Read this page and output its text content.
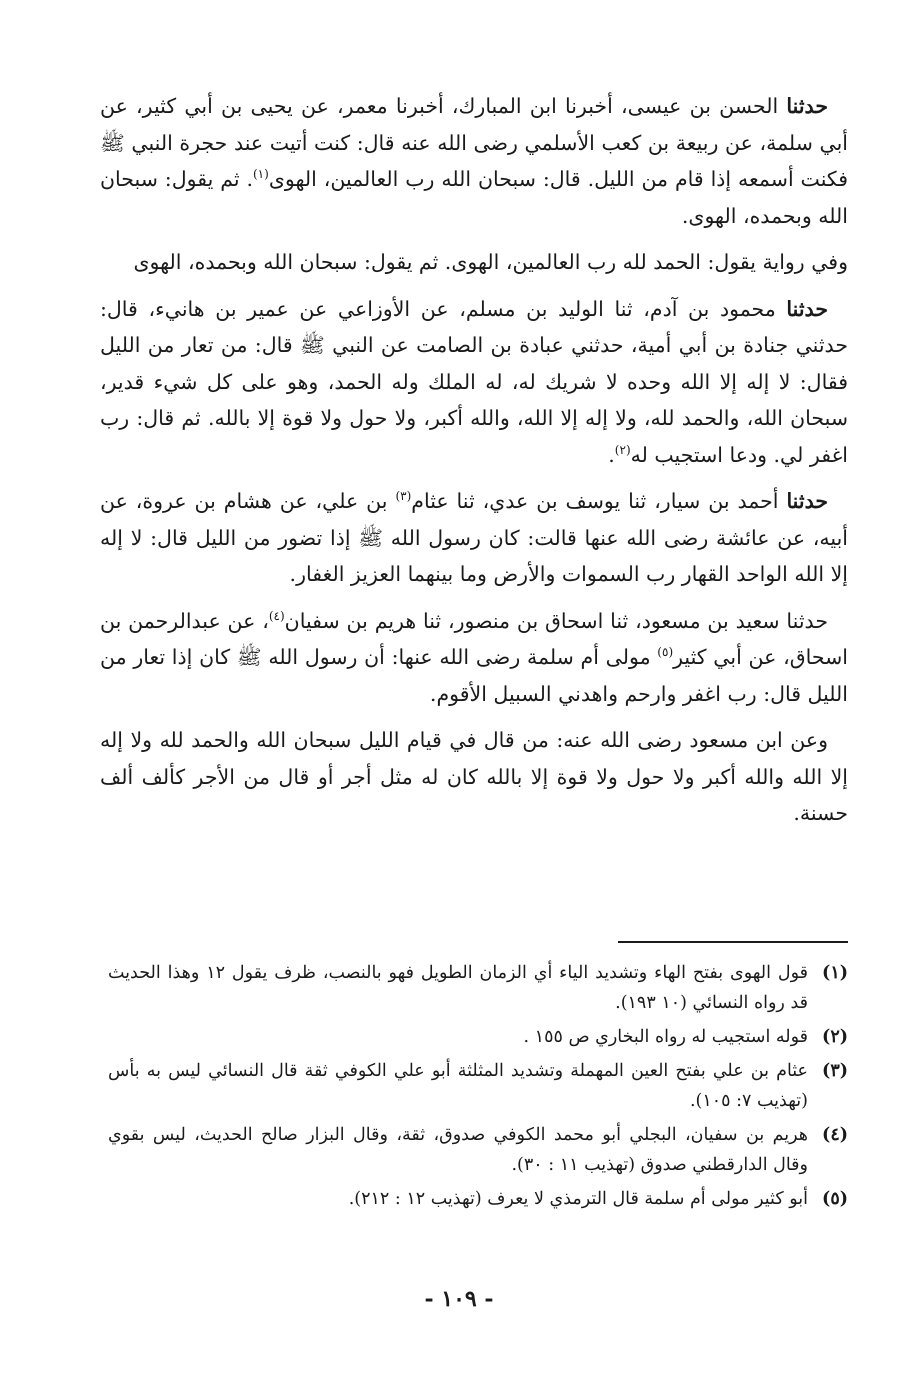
حدثنا الحسن بن عيسى، أخبرنا ابن المبارك، أخبرنا معمر، عن يحيى بن أبي كثير، عن أبي سلمة، عن ربيعة بن كعب الأسلمي رضى الله عنه قال: كنت أتيت عند حجرة النبي ﷺ فكنت أسمعه إذا قام من الليل. قال: سبحان الله رب العالمين، الهوى$^{(١)}$. ثم يقول: سبحان الله وبحمده، الهوى.

وفي رواية يقول: الحمد لله رب العالمين، الهوى. ثم يقول: سبحان الله وبحمده، الهوى

حدثنا محمود بن آدم، ثنا الوليد بن مسلم، عن الأوزاعي عن عمير بن هانيء، قال: حدثني جنادة بن أبي أمية، حدثني عبادة بن الصامت عن النبي ﷺ قال: من تعار من الليل فقال: لا إله إلا الله وحده لا شريك له، له الملك وله الحمد، وهو على كل شيء قدير، سبحان الله، والحمد لله، ولا إله إلا الله، والله أكبر، ولا حول ولا قوة إلا بالله. ثم قال: رب اغفر لي. ودعا استجيب له$^{(٢)}$.

حدثنا أحمد بن سيار، ثنا يوسف بن عدي، ثنا عثام$^{(٣)}$ بن علي، عن هشام بن عروة، عن أبيه، عن عائشة رضى الله عنها قالت: كان رسول الله ﷺ إذا تضور من الليل قال: لا إله إلا الله الواحد القهار رب السموات والأرض وما بينهما العزيز الغفار.

حدثنا سعيد بن مسعود، ثنا اسحاق بن منصور، ثنا هريم بن سفيان$^{(٤)}$، عن عبدالرحمن بن اسحاق، عن أبي كثير$^{(٥)}$ مولى أم سلمة رضى الله عنها: أن رسول الله ﷺ كان إذا تعار من الليل قال: رب اغفر وارحم واهدني السبيل الأقوم.

وعن ابن مسعود رضى الله عنه: من قال في قيام الليل سبحان الله والحمد لله ولا إله إلا الله والله أكبر ولا حول ولا قوة إلا بالله كان له مثل أجر أو قال من الأجر كألف ألف حسنة.

(١)
قول الهوى بفتح الهاء وتشديد الياء أي الزمان الطويل فهو بالنصب، ظرف يقول ١٢ وهذا الحديث قد رواه النسائي (١٠ ١٩٣).
(٢)
قوله استجيب له رواه البخاري ص ١٥٥ .
(٣)
عثام بن علي بفتح العين المهملة وتشديد المثلثة أبو علي الكوفي ثقة قال النسائي ليس به بأس (تهذيب ٧: ١٠٥).
(٤)
هريم بن سفيان، البجلي أبو محمد الكوفي صدوق، ثقة، وقال البزار صالح الحديث، ليس بقوي وقال الدارقطني صدوق (تهذيب ١١ : ٣٠).
(٥)
أبو كثير مولى أم سلمة قال الترمذي لا يعرف (تهذيب ١٢ : ٢١٢).
- ١٠٩ -
